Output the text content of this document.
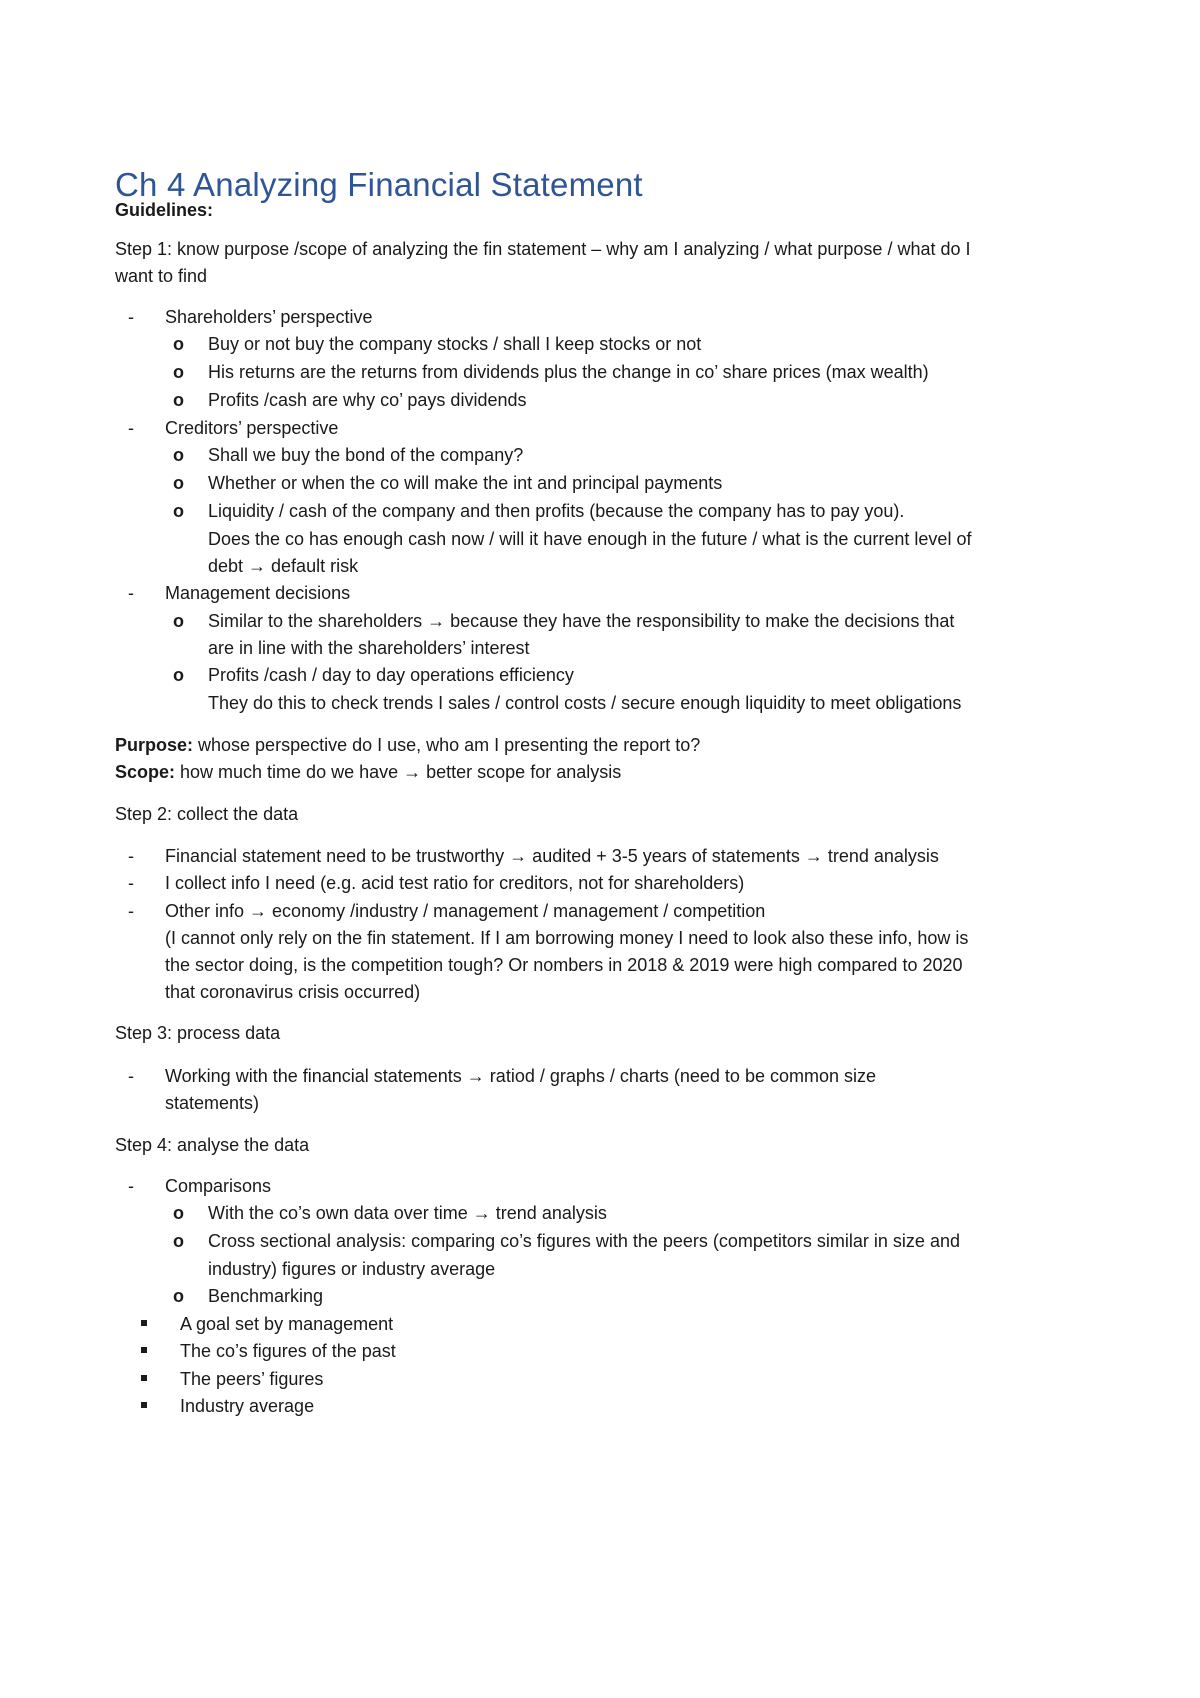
Ch 4 Analyzing Financial Statement
Guidelines:
Step 1: know purpose /scope of analyzing the fin statement – why am I analyzing / what purpose / what do I
want to find
- Shareholders’ perspective
o Buy or not buy the company stocks / shall I keep stocks or not
o His returns are the returns from dividends plus the change in co’ share prices (max wealth)
o Profits /cash are why co’ pays dividends
- Creditors’ perspective
o Shall we buy the bond of the company?
o Whether or when the co will make the int and principal payments
o Liquidity / cash of the company and then profits (because the company has to pay you).
Does the co has enough cash now / will it have enough in the future / what is the current level of
debt → default risk
- Management decisions
o Similar to the shareholders → because they have the responsibility to make the decisions that
are in line with the shareholders’ interest
o Profits /cash / day to day operations efficiency
They do this to check trends I sales / control costs / secure enough liquidity to meet obligations
Purpose: whose perspective do I use, who am I presenting the report to?
Scope: how much time do we have → better scope for analysis
Step 2: collect the data
- Financial statement need to be trustworthy → audited + 3-5 years of statements → trend analysis
- I collect info I need (e.g. acid test ratio for creditors, not for shareholders)
- Other info → economy /industry / management / management / competition
(I cannot only rely on the fin statement. If I am borrowing money I need to look also these info, how is
the sector doing, is the competition tough? Or nombers in 2018 & 2019 were high compared to 2020
that coronavirus crisis occurred)
Step 3: process data
- Working with the financial statements → ratiod / graphs / charts (need to be common size
statements)
Step 4: analyse the data
- Comparisons
o With the co’s own data over time → trend analysis
o Cross sectional analysis: comparing co’s figures with the peers (competitors similar in size and
industry) figures or industry average
o Benchmarking
A goal set by management
The co’s figures of the past
The peers’ figures
Industry average
